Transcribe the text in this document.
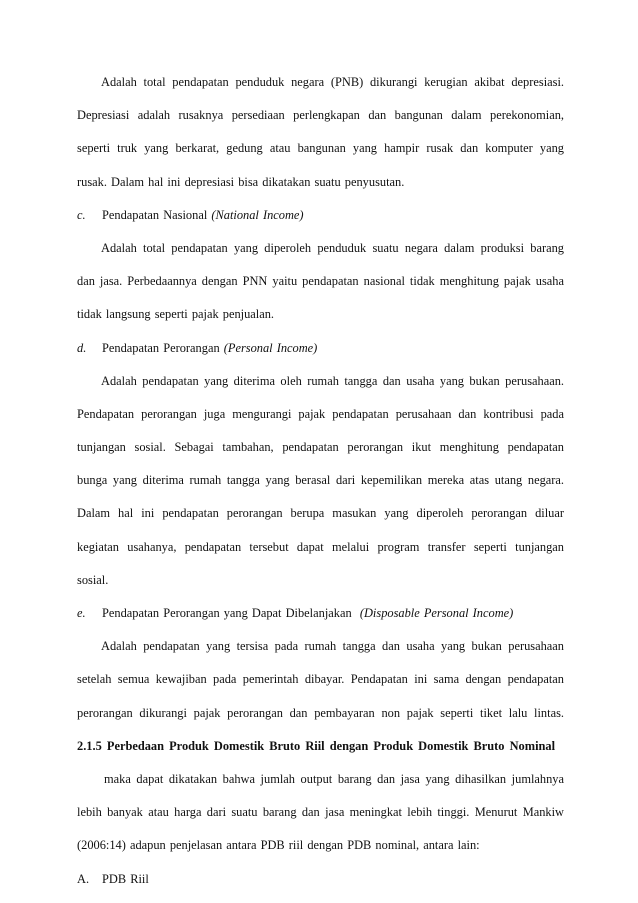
Adalah total pendapatan penduduk negara (PNB) dikurangi kerugian akibat depresiasi.
Depresiasi adalah rusaknya persediaan perlengkapan dan bangunan dalam perekonomian,
seperti truk yang berkarat, gedung atau bangunan yang hampir rusak dan komputer yang
rusak. Dalam hal ini depresiasi bisa dikatakan suatu penyusutan.
c. Pendapatan Nasional (National Income)
Adalah total pendapatan yang diperoleh penduduk suatu negara dalam produksi barang
dan jasa. Perbedaannya dengan PNN yaitu pendapatan nasional tidak menghitung pajak usaha
tidak langsung seperti pajak penjualan.
d. Pendapatan Perorangan (Personal Income)
Adalah pendapatan yang diterima oleh rumah tangga dan usaha yang bukan perusahaan.
Pendapatan perorangan juga mengurangi pajak pendapatan perusahaan dan kontribusi pada
tunjangan sosial. Sebagai tambahan, pendapatan perorangan ikut menghitung pendapatan
bunga yang diterima rumah tangga yang berasal dari kepemilikan mereka atas utang negara.
Dalam hal ini pendapatan perorangan berupa masukan yang diperoleh perorangan diluar
kegiatan usahanya, pendapatan tersebut dapat melalui program transfer seperti tunjangan
sosial.
e. Pendapatan Perorangan yang Dapat Dibelanjakan (Disposable Personal Income)
Adalah pendapatan yang tersisa pada rumah tangga dan usaha yang bukan perusahaan
setelah semua kewajiban pada pemerintah dibayar. Pendapatan ini sama dengan pendapatan
perorangan dikurangi pajak perorangan dan pembayaran non pajak seperti tiket lalu lintas.
2.1.5 Perbedaan Produk Domestik Bruto Riil dengan Produk Domestik Bruto Nominal
maka dapat dikatakan bahwa jumlah output barang dan jasa yang dihasilkan jumlahnya
lebih banyak atau harga dari suatu barang dan jasa meningkat lebih tinggi. Menurut Mankiw
(2006:14) adapun penjelasan antara PDB riil dengan PDB nominal, antara lain:
A. PDB Riil
